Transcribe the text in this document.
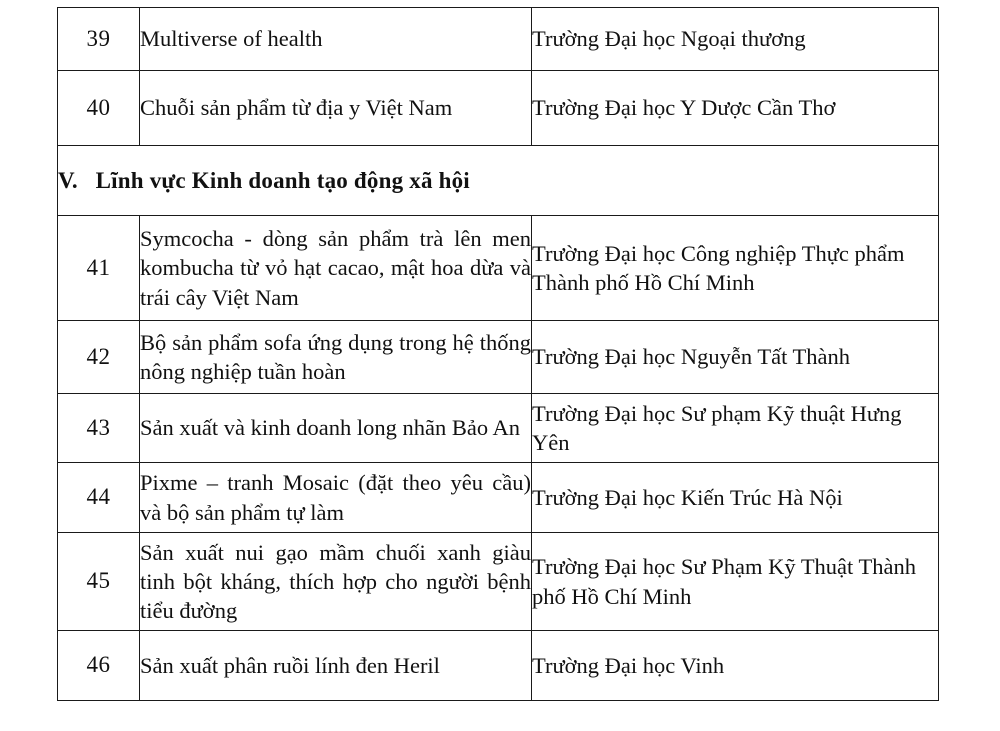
39	Multiverse of health	Trường Đại học Ngoại thương
40	Chuỗi sản phẩm từ địa y Việt Nam	Trường Đại học Y Dược Cần Thơ
V.   Lĩnh vực Kinh doanh tạo động xã hội		
41	Symcocha - dòng sản phẩm trà lên men kombucha từ vỏ hạt cacao, mật hoa dừa và trái cây Việt Nam	Trường Đại học Công nghiệp Thực phẩm Thành phố Hồ Chí Minh
42	Bộ sản phẩm sofa ứng dụng trong hệ thống nông nghiệp tuần hoàn	Trường Đại học Nguyễn Tất Thành
43	Sản xuất và kinh doanh long nhãn Bảo An	Trường Đại học Sư phạm Kỹ thuật Hưng Yên
44	Pixme – tranh Mosaic (đặt theo yêu cầu) và bộ sản phẩm tự làm	Trường Đại học Kiến Trúc Hà Nội
45	Sản xuất nui gạo mầm chuối xanh giàu tinh bột kháng, thích hợp cho người bệnh tiểu đường	Trường Đại học Sư Phạm Kỹ Thuật Thành phố Hồ Chí Minh
46	Sản xuất phân ruồi lính đen Heril	Trường Đại học Vinh
